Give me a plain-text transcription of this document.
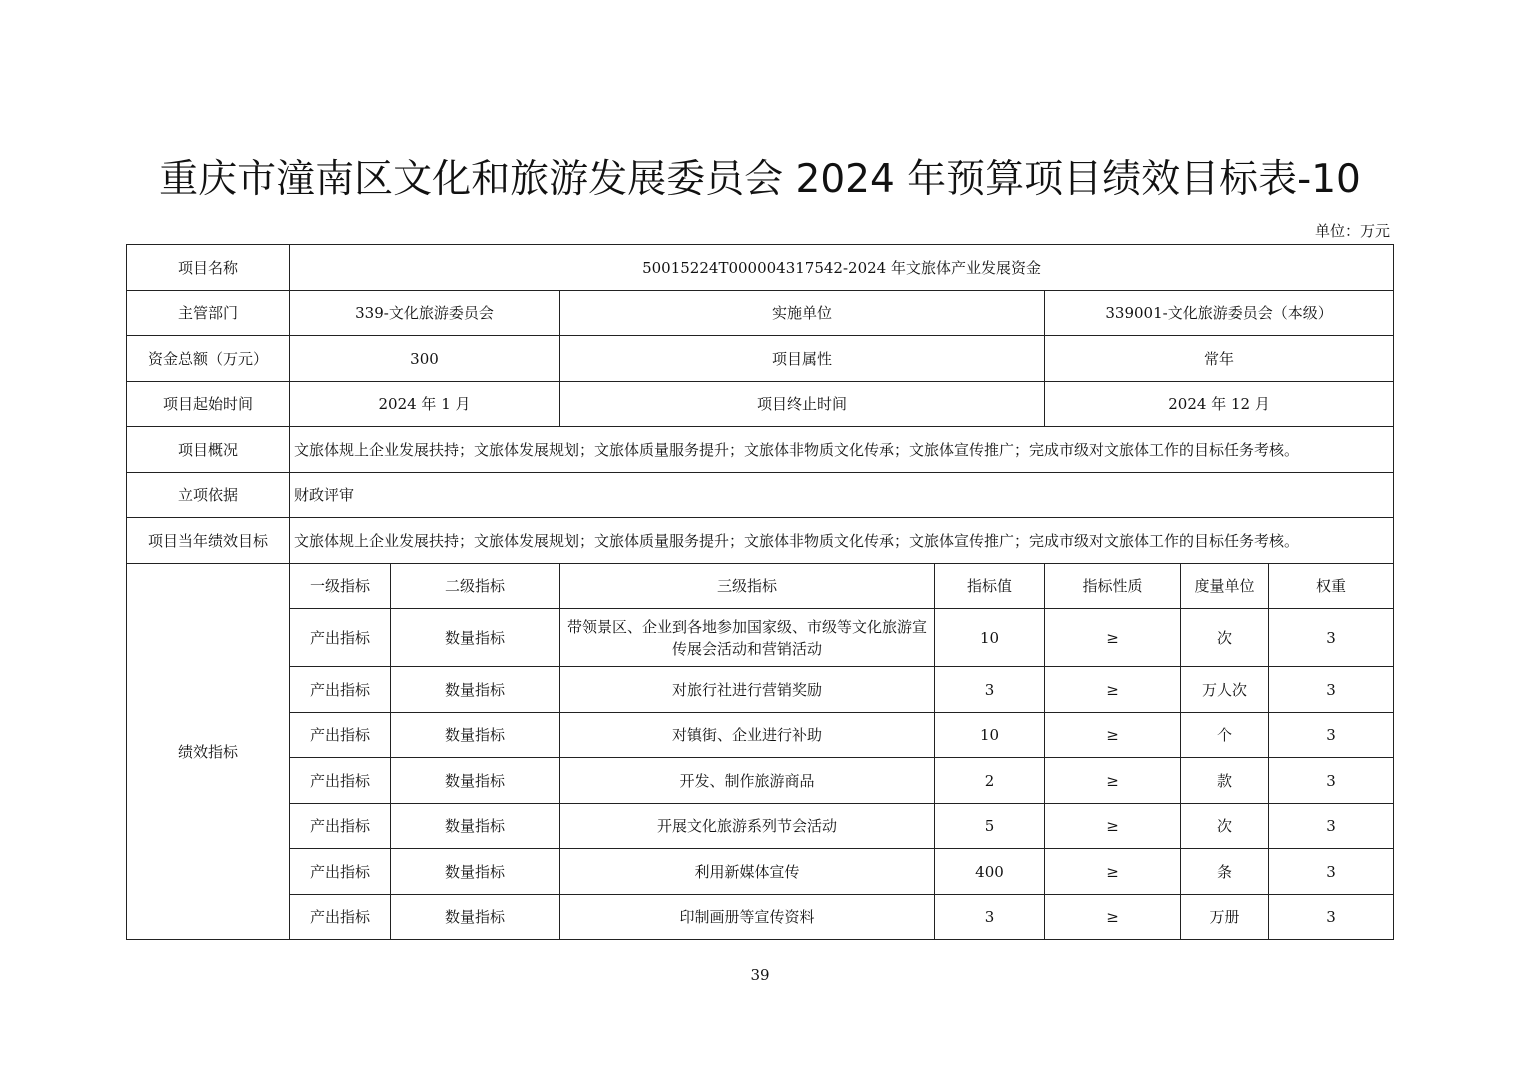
重庆市潼南区文化和旅游发展委员会 2024 年预算项目绩效目标表-10
单位：万元
项目名称	50015224T000004317542-2024 年文旅体产业发展资金						
主管部门	339-文化旅游委员会		实施单位		339001-文化旅游委员会（本级）		
资金总额（万元）	300		项目属性		常年		
项目起始时间	2024 年 1 月		项目终止时间		2024 年 12 月		
项目概况	文旅体规上企业发展扶持；文旅体发展规划；文旅体质量服务提升；文旅体非物质文化传承；文旅体宣传推广；完成市级对文旅体工作的目标任务考核。						
立项依据	财政评审						
项目当年绩效目标	文旅体规上企业发展扶持；文旅体发展规划；文旅体质量服务提升；文旅体非物质文化传承；文旅体宣传推广；完成市级对文旅体工作的目标任务考核。						
绩效指标	一级指标	二级指标	三级指标	指标值	指标性质	度量单位	权重
	产出指标	数量指标	带领景区、企业到各地参加国家级、市级等文化旅游宣传展会活动和营销活动	10	≥	次	3
	产出指标	数量指标	对旅行社进行营销奖励	3	≥	万人次	3
	产出指标	数量指标	对镇街、企业进行补助	10	≥	个	3
	产出指标	数量指标	开发、制作旅游商品	2	≥	款	3
	产出指标	数量指标	开展文化旅游系列节会活动	5	≥	次	3
	产出指标	数量指标	利用新媒体宣传	400	≥	条	3
	产出指标	数量指标	印制画册等宣传资料	3	≥	万册	3
39
